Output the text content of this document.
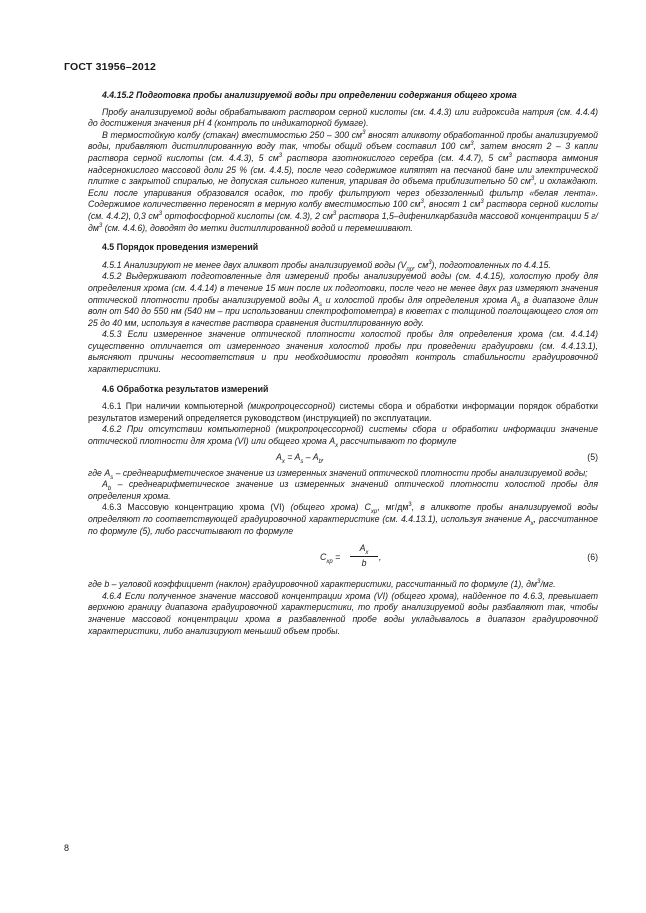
ГОСТ 31956–2012

4.4.15.2 Подготовка пробы анализируемой воды при определении содержания общего хрома

Пробу анализируемой воды обрабатывают раствором серной кислоты (см. 4.4.3) или гидроксида натрия (см. 4.4.4) до достижения значения рН 4 (контроль по индикаторной бумаге).

В термостойкую колбу (стакан) вместимостью 250 – 300 $см^3$ вносят аликвоту обработанной пробы анализируемой воды, прибавляют дистиллированную воду так, чтобы общий объем составил 100 $см^3$, затем вносят 2 – 3 капли раствора серной кислоты (см. 4.4.3), 5 $см^3$ раствора азотнокислого серебра (см. 4.4.7), 5 $см^3$ раствора аммония надсернокислого массовой доли 25 % (см. 4.4.5), после чего содержимое кипятят на песчаной бане или электрической плитке с закрытой спиралью, не допуская сильного кипения, упаривая до объема приблизительно 50 $см^3$, и охлаждают. Если после упаривания образовался осадок, то пробу фильтруют через обеззоленный фильтр «белая лента». Содержимое количественно переносят в мерную колбу вместимостью 100 $см^3$, вносят 1 $см^3$ раствора серной кислоты (см. 4.4.2), 0,3 $см^3$ ортофосфорной кислоты (см. 4.3), 2 $см^3$ раствора 1,5–дифенилкарбазида массовой концентрации 5 $г/дм^3$ (см. 4.4.6), доводят до метки дистиллированной водой и перемешивают.

4.5 Порядок проведения измерений

4.5.1 Анализируют не менее двух аликвот пробы анализируемой воды ($V_{пр}$, $см^3$), подготовленных по 4.4.15.

4.5.2 Выдерживают подготовленные для измерений пробы анализируемой воды (см. 4.4.15), холостую пробу для определения хрома (см. 4.4.14) в течение 15 мин после их подготовки, после чего не менее двух раз измеряют значения оптической плотности пробы анализируемой воды $A_s$ и холостой пробы для определения хрома $A_b$ в диапазоне длин волн от 540 до 550 нм (540 нм – при использовании спектрофотометра) в кюветах с толщиной поглощающего слоя от 25 до 40 мм, используя в качестве раствора сравнения дистиллированную воду.

4.5.3 Если измеренное значение оптической плотности холостой пробы для определения хрома (см. 4.4.14) существенно отличается от измеренного значения холостой пробы при проведении градуировки (см. 4.4.13.1), выясняют причины несоответствия и при необходимости проводят контроль стабильности градуировочной характеристики.

4.6 Обработка результатов измерений

4.6.1 При наличии компьютерной (микропроцессорной) системы сбора и обработки информации порядок обработки результатов измерений определяется руководством (инструкцией) по эксплуатации.

4.6.2 При отсутствии компьютерной (микропроцессорной) системы сбора и обработки информации значение оптической плотности для хрома (VI) или общего хрома $A_x$ рассчитывают по формуле

$A_x = A_s - A_b$,	(5)

где $A_s$ – среднеарифметическое значение из измеренных значений оптической плотности пробы анализируемой воды;

$A_b$ – среднеарифметическое значение из измеренных значений оптической плотности холостой пробы для определения хрома.

4.6.3 Массовую концентрацию хрома (VI) (общего хрома) $C_{хр}$, $мг/дм^3$, в аликвоте пробы анализируемой воды определяют по соответствующей градуировочной характеристике (см. 4.4.13.1), используя значение $A_x$, рассчитанное по формуле (5), либо рассчитывают по формуле

$C_{хр} = \frac{A_x}{b}$ ,	(6)

где b – угловой коэффициент (наклон) градуировочной характеристики, рассчитанный по формуле (1), $дм^3/мг$.

4.6.4 Если полученное значение массовой концентрации хрома (VI) (общего хрома), найденное по 4.6.3, превышает верхнюю границу диапазона градуировочной характеристики, то пробу анализируемой воды разбавляют так, чтобы значение массовой концентрации хрома в разбавленной пробе воды укладывалось в диапазон градуировочной характеристики, либо анализируют меньший объем пробы.

8
